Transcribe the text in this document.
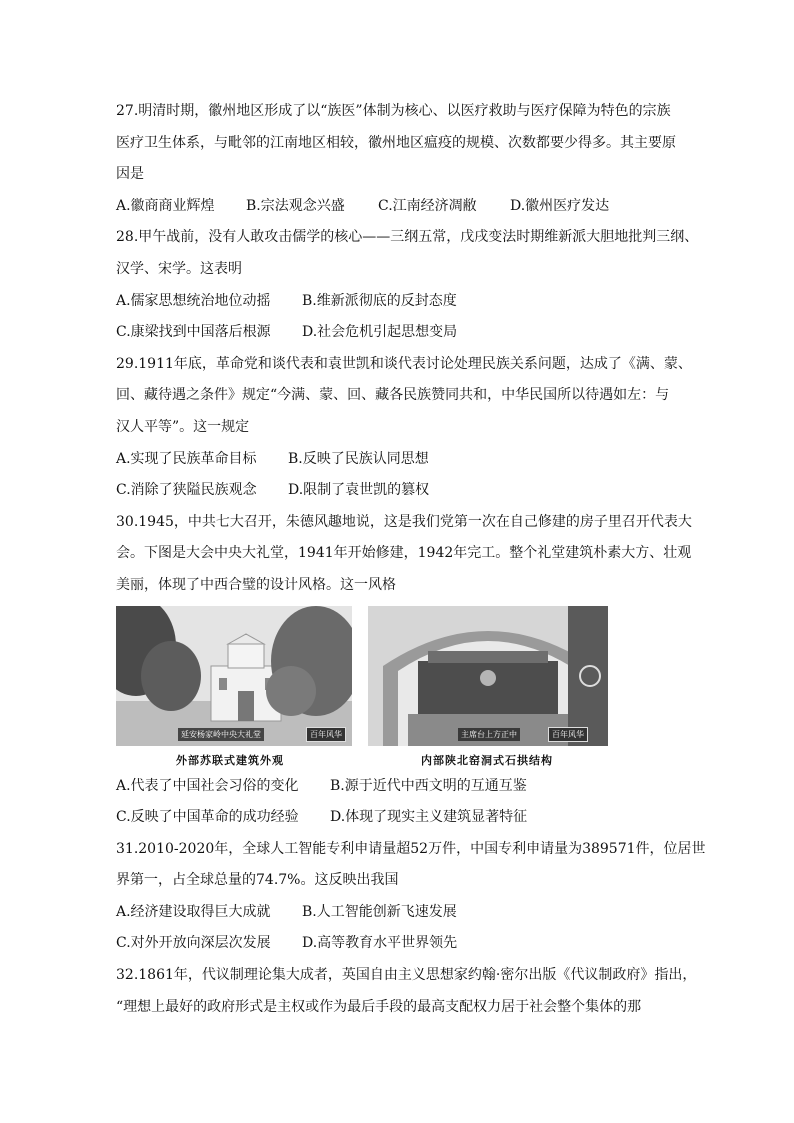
27.明清时期，徽州地区形成了以“族医”体制为核心、以医疗救助与医疗保障为特色的宗族
医疗卫生体系，与毗邻的江南地区相较，徽州地区瘟疫的规模、次数都要少得多。其主要原
因是
A.徽商商业辉煌	B.宗法观念兴盛	C.江南经济凋敝	D.徽州医疗发达
28.甲午战前，没有人敢攻击儒学的核心——三纲五常，戊戌变法时期维新派大胆地批判三纲、
汉学、宋学。这表明
A.儒家思想统治地位动摇	B.维新派彻底的反封态度
C.康梁找到中国落后根源	D.社会危机引起思想变局
29.1911年底，革命党和谈代表和袁世凯和谈代表讨论处理民族关系问题，达成了《满、蒙、
回、藏待遇之条件》规定“今满、蒙、回、藏各民族赞同共和，中华民国所以待遇如左：与
汉人平等”。这一规定
A.实现了民族革命目标	B.反映了民族认同思想
C.消除了狭隘民族观念	D.限制了袁世凯的篡权
30.1945，中共七大召开，朱德风趣地说，这是我们党第一次在自己修建的房子里召开代表大
会。下图是大会中央大礼堂，1941年开始修建，1942年完工。整个礼堂建筑朴素大方、壮观
美丽，体现了中西合璧的设计风格。这一风格
延安杨家岭中央大礼堂	百年风华	主席台上方正中	百年风华
外部苏联式建筑外观	内部陕北窑洞式石拱结构
A.代表了中国社会习俗的变化	B.源于近代中西文明的互通互鉴
C.反映了中国革命的成功经验	D.体现了现实主义建筑显著特征
31.2010-2020年，全球人工智能专利申请量超52万件，中国专利申请量为389571件，位居世
界第一，占全球总量的74.7%。这反映出我国
A.经济建设取得巨大成就	B.人工智能创新飞速发展
C.对外开放向深层次发展	D.高等教育水平世界领先
32.1861年，代议制理论集大成者，英国自由主义思想家约翰·密尔出版《代议制政府》指出，
“理想上最好的政府形式是主权或作为最后手段的最高支配权力居于社会整个集体的那
